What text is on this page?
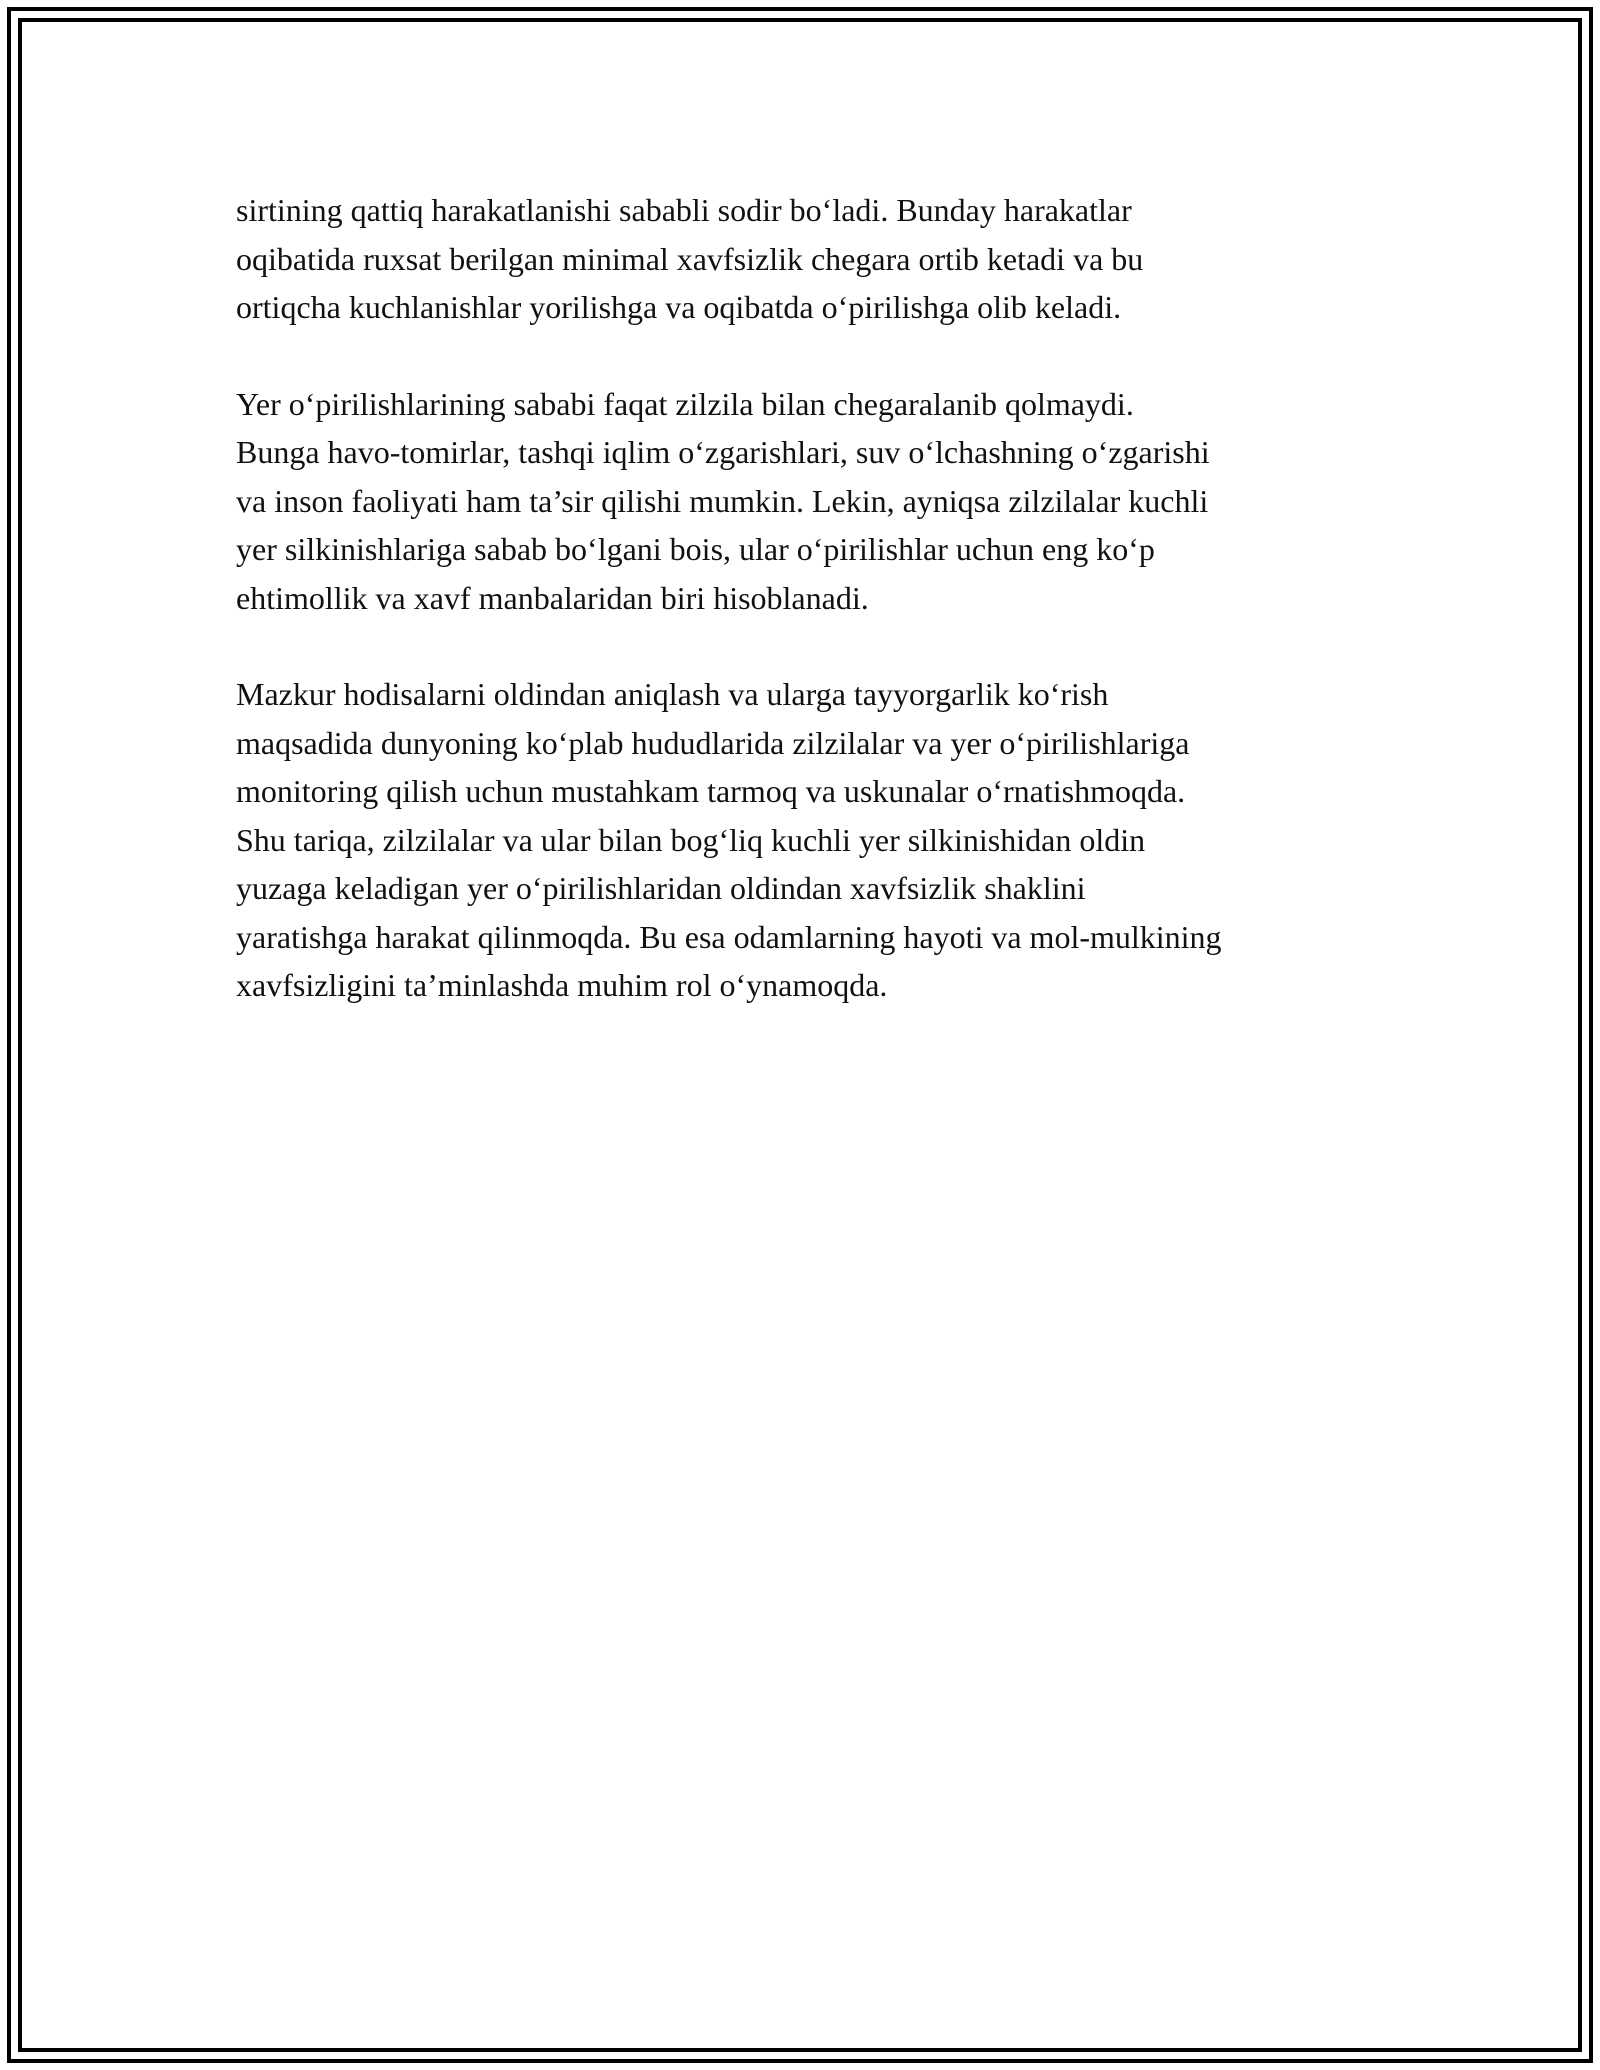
sirtining qattiq harakatlanishi sababli sodir bo‘ladi. Bunday harakatlar
oqibatida ruxsat berilgan minimal xavfsizlik chegara ortib ketadi va bu
ortiqcha kuchlanishlar yorilishga va oqibatda o‘pirilishga olib keladi.

Yer o‘pirilishlarining sababi faqat zilzila bilan chegaralanib qolmaydi.
Bunga havo-tomirlar, tashqi iqlim o‘zgarishlari, suv o‘lchashning o‘zgarishi
va inson faoliyati ham ta’sir qilishi mumkin. Lekin, ayniqsa zilzilalar kuchli
yer silkinishlariga sabab bo‘lgani bois, ular o‘pirilishlar uchun eng ko‘p
ehtimollik va xavf manbalaridan biri hisoblanadi.

Mazkur hodisalarni oldindan aniqlash va ularga tayyorgarlik ko‘rish
maqsadida dunyoning ko‘plab hududlarida zilzilalar va yer o‘pirilishlariga
monitoring qilish uchun mustahkam tarmoq va uskunalar o‘rnatishmoqda.
Shu tariqa, zilzilalar va ular bilan bog‘liq kuchli yer silkinishidan oldin
yuzaga keladigan yer o‘pirilishlaridan oldindan xavfsizlik shaklini
yaratishga harakat qilinmoqda. Bu esa odamlarning hayoti va mol-mulkining
xavfsizligini ta’minlashda muhim rol o‘ynamoqda.
